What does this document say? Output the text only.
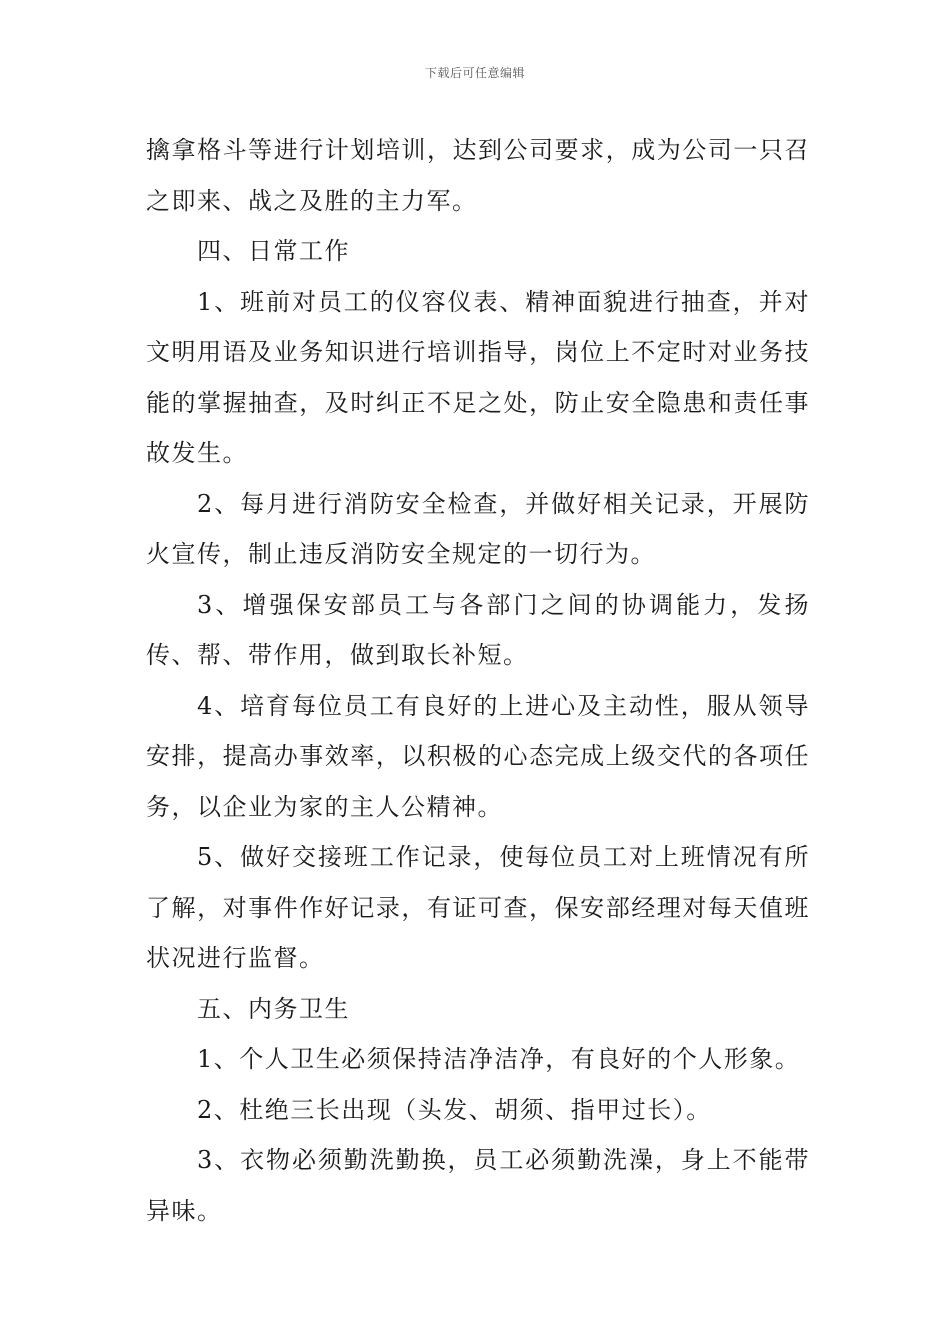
下载后可任意编辑

擒拿格斗等进行计划培训，达到公司要求，成为公司一只召之即来、战之及胜的主力军。

四、日常工作

1、班前对员工的仪容仪表、精神面貌进行抽查，并对文明用语及业务知识进行培训指导，岗位上不定时对业务技能的掌握抽查，及时纠正不足之处，防止安全隐患和责任事故发生。

2、每月进行消防安全检查，并做好相关记录，开展防火宣传，制止违反消防安全规定的一切行为。

3、增强保安部员工与各部门之间的协调能力，发扬传、帮、带作用，做到取长补短。

4、培育每位员工有良好的上进心及主动性，服从领导安排，提高办事效率，以积极的心态完成上级交代的各项任务，以企业为家的主人公精神。

5、做好交接班工作记录，使每位员工对上班情况有所了解，对事件作好记录，有证可查，保安部经理对每天值班状况进行监督。

五、内务卫生

1、个人卫生必须保持洁净洁净，有良好的个人形象。

2、杜绝三长出现（头发、胡须、指甲过长）。

3、衣物必须勤洗勤换，员工必须勤洗澡，身上不能带异味。
